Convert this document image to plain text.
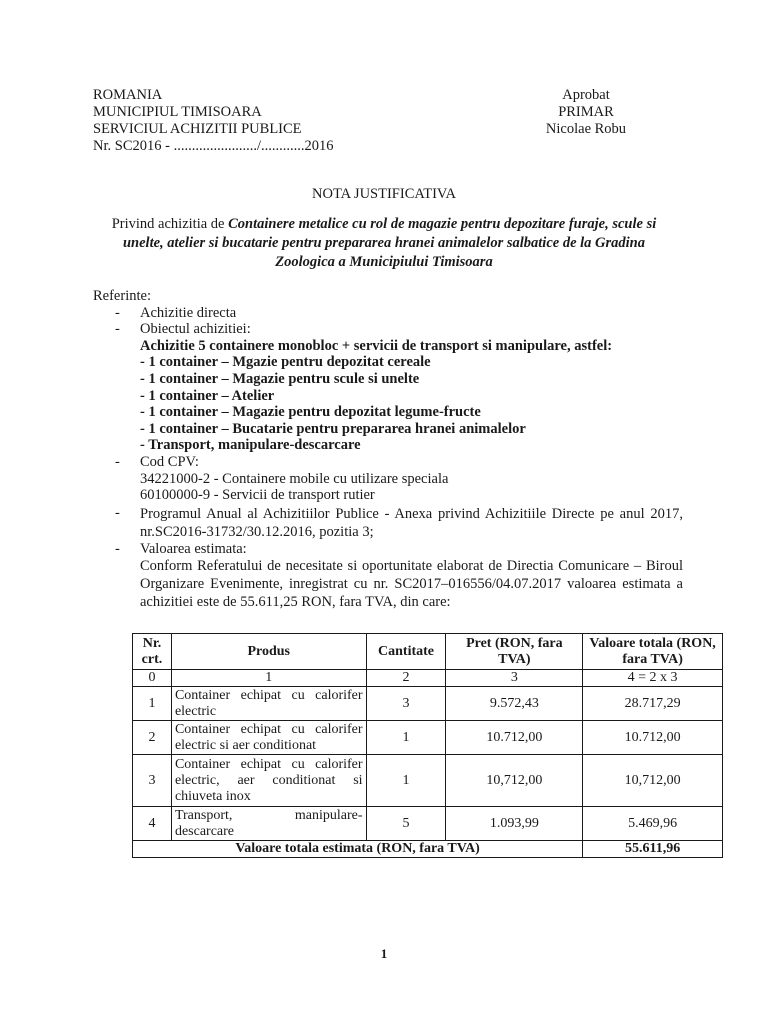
ROMANIA
MUNICIPIUL TIMISOARA
SERVICIUL ACHIZITII PUBLICE
Nr. SC2016 - ......................./............2016
Aprobat
PRIMAR
Nicolae Robu
NOTA JUSTIFICATIVA
Privind achizitia de Containere metalice cu rol de magazie pentru depozitare furaje, scule si unelte, atelier si bucatarie pentru prepararea hranei animalelor salbatice de la Gradina Zoologica a Municipiului Timisoara
Referinte:
-	Achizitie directa
-	Obiectul achizitiei:
Achizitie 5 containere monobloc + servicii de transport si manipulare, astfel:
- 1 container – Mgazie pentru depozitat cereale
- 1 container – Magazie pentru scule si unelte
- 1 container – Atelier
- 1 container – Magazie pentru depozitat legume-fructe
- 1 container – Bucatarie pentru prepararea hranei animalelor
- Transport, manipulare-descarcare
-	Cod CPV:
34221000-2 - Containere mobile cu utilizare speciala
60100000-9 - Servicii de transport rutier
-	Programul Anual al Achizitiilor Publice - Anexa privind Achizitiile Directe pe anul 2017, nr.SC2016-31732/30.12.2016, pozitia 3;
-	Valoarea estimata:
Conform Referatului de necesitate si oportunitate elaborat de Directia Comunicare – Biroul Organizare Evenimente, inregistrat cu nr. SC2017–016556/04.07.2017 valoarea estimata a achizitiei este de 55.611,25 RON, fara TVA, din care:
Nr. crt.	Produs	Cantitate	Pret (RON, fara TVA)	Valoare totala (RON, fara TVA)
0	1	2	3	4 = 2 x 3
1	Container echipat cu calorifer electric	3	9.572,43	28.717,29
2	Container echipat cu calorifer electric si aer conditionat	1	10.712,00	10.712,00
3	Container echipat cu calorifer electric, aer conditionat si chiuveta inox	1	10,712,00	10,712,00
4	Transport, manipulare-descarcare	5	1.093,99	5.469,96
Valoare totala estimata (RON, fara TVA)				55.611,96
1
